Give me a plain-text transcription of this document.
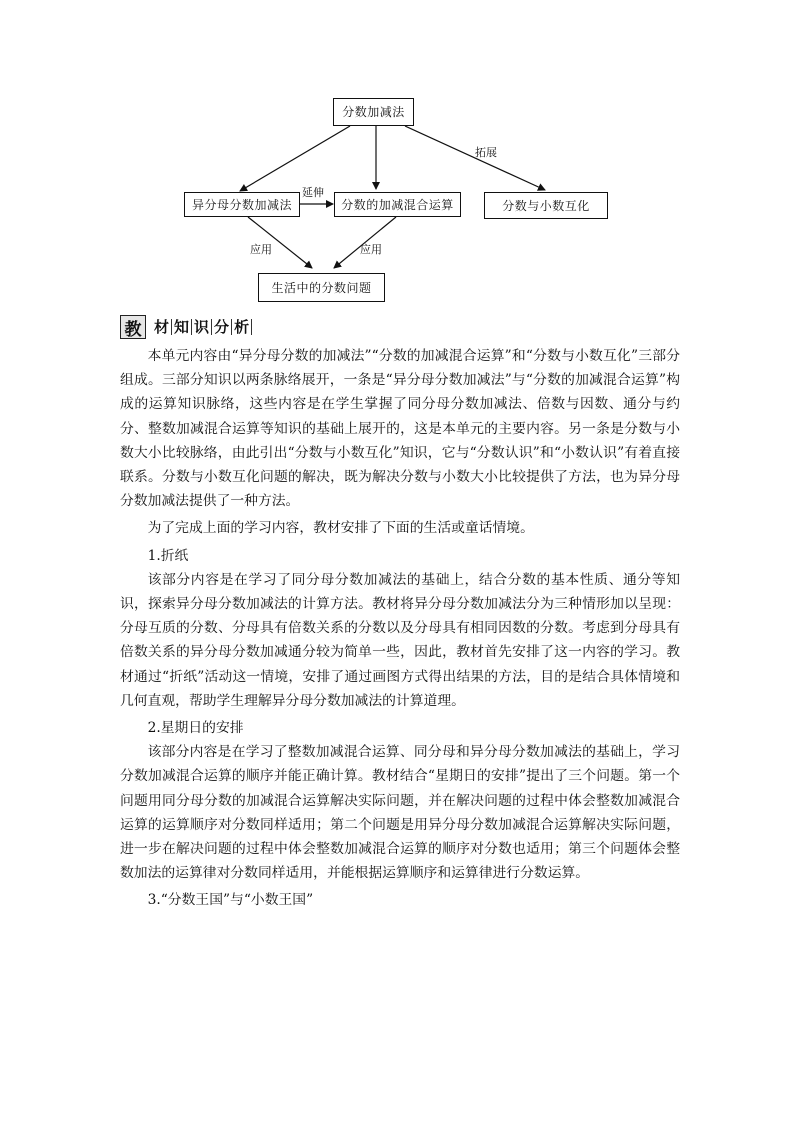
分数加减法
异分母分数加减法	分数的加减混合运算	分数与小数互化
生活中的分数问题
延伸
拓展
应用	应用
教 材 知 识 分 析

本单元内容由“异分母分数的加减法”“分数的加减混合运算”和“分数与小数互化”三部分组成。三部分知识以两条脉络展开，一条是“异分母分数加减法”与“分数的加减混合运算”构成的运算知识脉络，这些内容是在学生掌握了同分母分数加减法、倍数与因数、通分与约分、整数加减混合运算等知识的基础上展开的，这是本单元的主要内容。另一条是分数与小数大小比较脉络，由此引出“分数与小数互化”知识，它与“分数认识”和“小数认识”有着直接联系。分数与小数互化问题的解决，既为解决分数与小数大小比较提供了方法，也为异分母分数加减法提供了一种方法。

为了完成上面的学习内容，教材安排了下面的生活或童话情境。

1.折纸

该部分内容是在学习了同分母分数加减法的基础上，结合分数的基本性质、通分等知识，探索异分母分数加减法的计算方法。教材将异分母分数加减法分为三种情形加以呈现：分母互质的分数、分母具有倍数关系的分数以及分母具有相同因数的分数。考虑到分母具有倍数关系的异分母分数加减通分较为简单一些，因此，教材首先安排了这一内容的学习。教材通过“折纸”活动这一情境，安排了通过画图方式得出结果的方法，目的是结合具体情境和几何直观，帮助学生理解异分母分数加减法的计算道理。

2.星期日的安排

该部分内容是在学习了整数加减混合运算、同分母和异分母分数加减法的基础上，学习分数加减混合运算的顺序并能正确计算。教材结合“星期日的安排”提出了三个问题。第一个问题用同分母分数的加减混合运算解决实际问题，并在解决问题的过程中体会整数加减混合运算的运算顺序对分数同样适用；第二个问题是用异分母分数加减混合运算解决实际问题，进一步在解决问题的过程中体会整数加减混合运算的顺序对分数也适用；第三个问题体会整数加法的运算律对分数同样适用，并能根据运算顺序和运算律进行分数运算。

3.“分数王国”与“小数王国”
